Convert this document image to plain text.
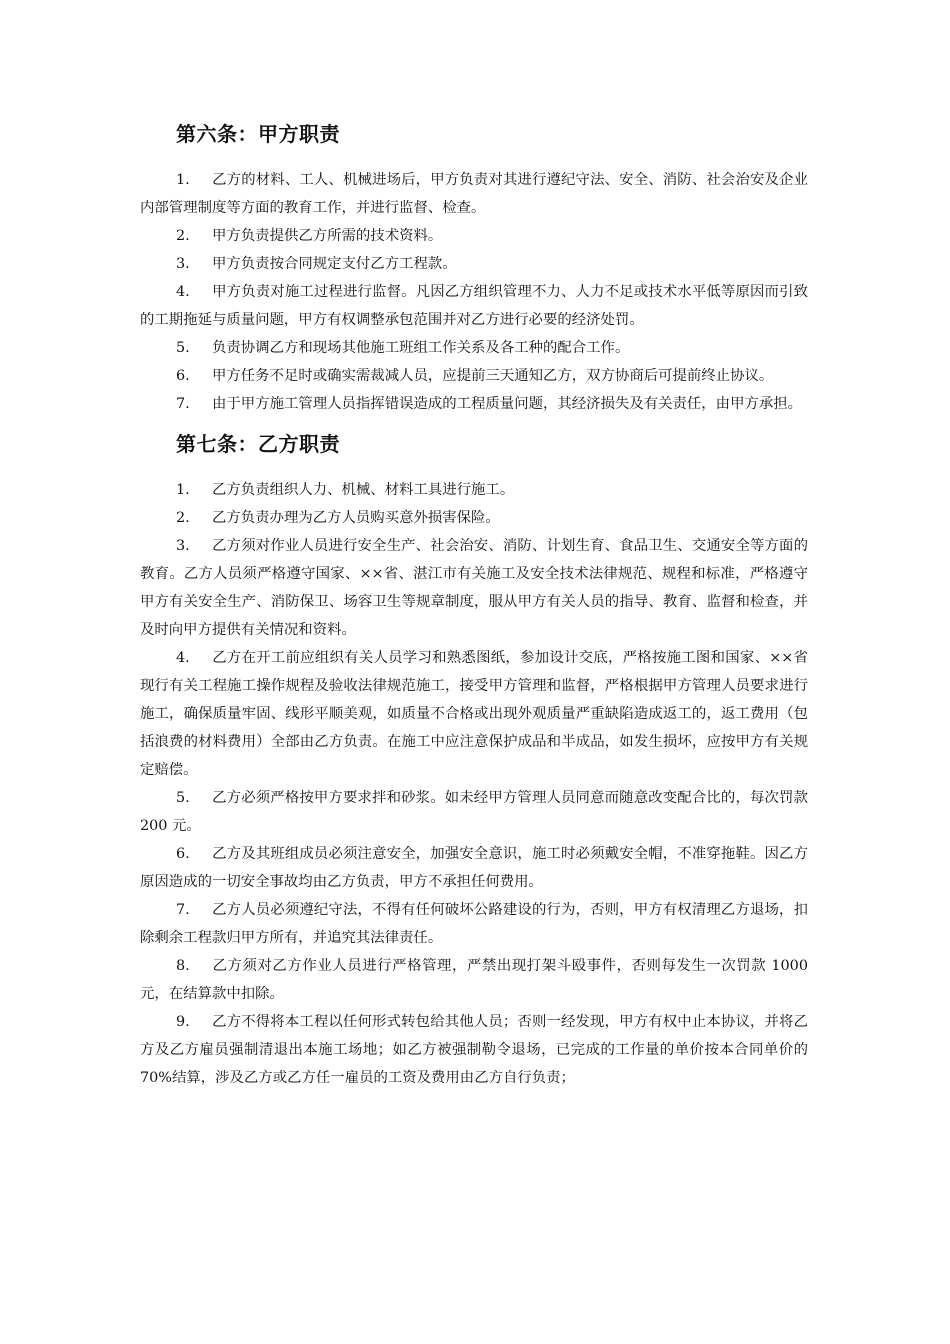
第六条：甲方职责

1. 乙方的材料、工人、机械进场后，甲方负责对其进行遵纪守法、安全、消防、社会治安及企业内部管理制度等方面的教育工作，并进行监督、检查。

2. 甲方负责提供乙方所需的技术资料。

3. 甲方负责按合同规定支付乙方工程款。

4. 甲方负责对施工过程进行监督。凡因乙方组织管理不力、人力不足或技术水平低等原因而引致的工期拖延与质量问题，甲方有权调整承包范围并对乙方进行必要的经济处罚。

5. 负责协调乙方和现场其他施工班组工作关系及各工种的配合工作。

6. 甲方任务不足时或确实需裁减人员，应提前三天通知乙方，双方协商后可提前终止协议。

7. 由于甲方施工管理人员指挥错误造成的工程质量问题，其经济损失及有关责任，由甲方承担。

第七条：乙方职责

1. 乙方负责组织人力、机械、材料工具进行施工。

2. 乙方负责办理为乙方人员购买意外损害保险。

3. 乙方须对作业人员进行安全生产、社会治安、消防、计划生育、食品卫生、交通安全等方面的教育。乙方人员须严格遵守国家、××省、湛江市有关施工及安全技术法律规范、规程和标准，严格遵守甲方有关安全生产、消防保卫、场容卫生等规章制度，服从甲方有关人员的指导、教育、监督和检查，并及时向甲方提供有关情况和资料。

4. 乙方在开工前应组织有关人员学习和熟悉图纸，参加设计交底，严格按施工图和国家、××省现行有关工程施工操作规程及验收法律规范施工，接受甲方管理和监督，严格根据甲方管理人员要求进行施工，确保质量牢固、线形平顺美观，如质量不合格或出现外观质量严重缺陷造成返工的，返工费用（包括浪费的材料费用）全部由乙方负责。在施工中应注意保护成品和半成品，如发生损坏，应按甲方有关规定赔偿。

5. 乙方必须严格按甲方要求拌和砂浆。如未经甲方管理人员同意而随意改变配合比的，每次罚款 200 元。

6. 乙方及其班组成员必须注意安全，加强安全意识，施工时必须戴安全帽，不准穿拖鞋。因乙方原因造成的一切安全事故均由乙方负责，甲方不承担任何费用。

7. 乙方人员必须遵纪守法，不得有任何破坏公路建设的行为，否则，甲方有权清理乙方退场，扣除剩余工程款归甲方所有，并追究其法律责任。

8. 乙方须对乙方作业人员进行严格管理，严禁出现打架斗殴事件，否则每发生一次罚款 1000 元，在结算款中扣除。

9. 乙方不得将本工程以任何形式转包给其他人员；否则一经发现，甲方有权中止本协议，并将乙方及乙方雇员强制清退出本施工场地；如乙方被强制勒令退场，已完成的工作量的单价按本合同单价的 70%结算，涉及乙方或乙方任一雇员的工资及费用由乙方自行负责；
